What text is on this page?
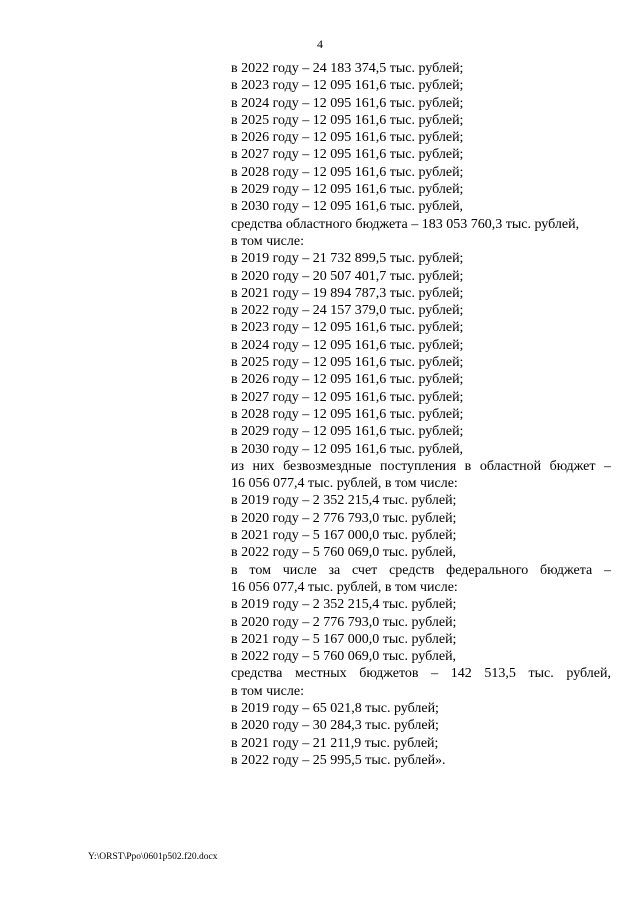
4
в 2022 году – 24 183 374,5 тыс. рублей;
в 2023 году – 12 095 161,6 тыс. рублей;
в 2024 году – 12 095 161,6 тыс. рублей;
в 2025 году – 12 095 161,6 тыс. рублей;
в 2026 году – 12 095 161,6 тыс. рублей;
в 2027 году – 12 095 161,6 тыс. рублей;
в 2028 году – 12 095 161,6 тыс. рублей;
в 2029 году – 12 095 161,6 тыс. рублей;
в 2030 году – 12 095 161,6 тыс. рублей,
средства областного бюджета – 183 053 760,3 тыс. рублей,
в том числе:
в 2019 году – 21 732 899,5 тыс. рублей;
в 2020 году – 20 507 401,7 тыс. рублей;
в 2021 году – 19 894 787,3 тыс. рублей;
в 2022 году – 24 157 379,0 тыс. рублей;
в 2023 году – 12 095 161,6 тыс. рублей;
в 2024 году – 12 095 161,6 тыс. рублей;
в 2025 году – 12 095 161,6 тыс. рублей;
в 2026 году – 12 095 161,6 тыс. рублей;
в 2027 году – 12 095 161,6 тыс. рублей;
в 2028 году – 12 095 161,6 тыс. рублей;
в 2029 году – 12 095 161,6 тыс. рублей;
в 2030 году – 12 095 161,6 тыс. рублей,
из них безвозмездные поступления в областной бюджет –
16 056 077,4 тыс. рублей, в том числе:
в 2019 году – 2 352 215,4 тыс. рублей;
в 2020 году – 2 776 793,0 тыс. рублей;
в 2021 году – 5 167 000,0 тыс. рублей;
в 2022 году – 5 760 069,0 тыс. рублей,
в том числе за счет средств федерального бюджета –
16 056 077,4 тыс. рублей, в том числе:
в 2019 году – 2 352 215,4 тыс. рублей;
в 2020 году – 2 776 793,0 тыс. рублей;
в 2021 году – 5 167 000,0 тыс. рублей;
в 2022 году – 5 760 069,0 тыс. рублей,
средства местных бюджетов – 142 513,5 тыс. рублей,
в том числе:
в 2019 году – 65 021,8 тыс. рублей;
в 2020 году – 30 284,3 тыс. рублей;
в 2021 году – 21 211,9 тыс. рублей;
в 2022 году – 25 995,5 тыс. рублей».
Y:\ORST\Ppo\0601p502.f20.docx
